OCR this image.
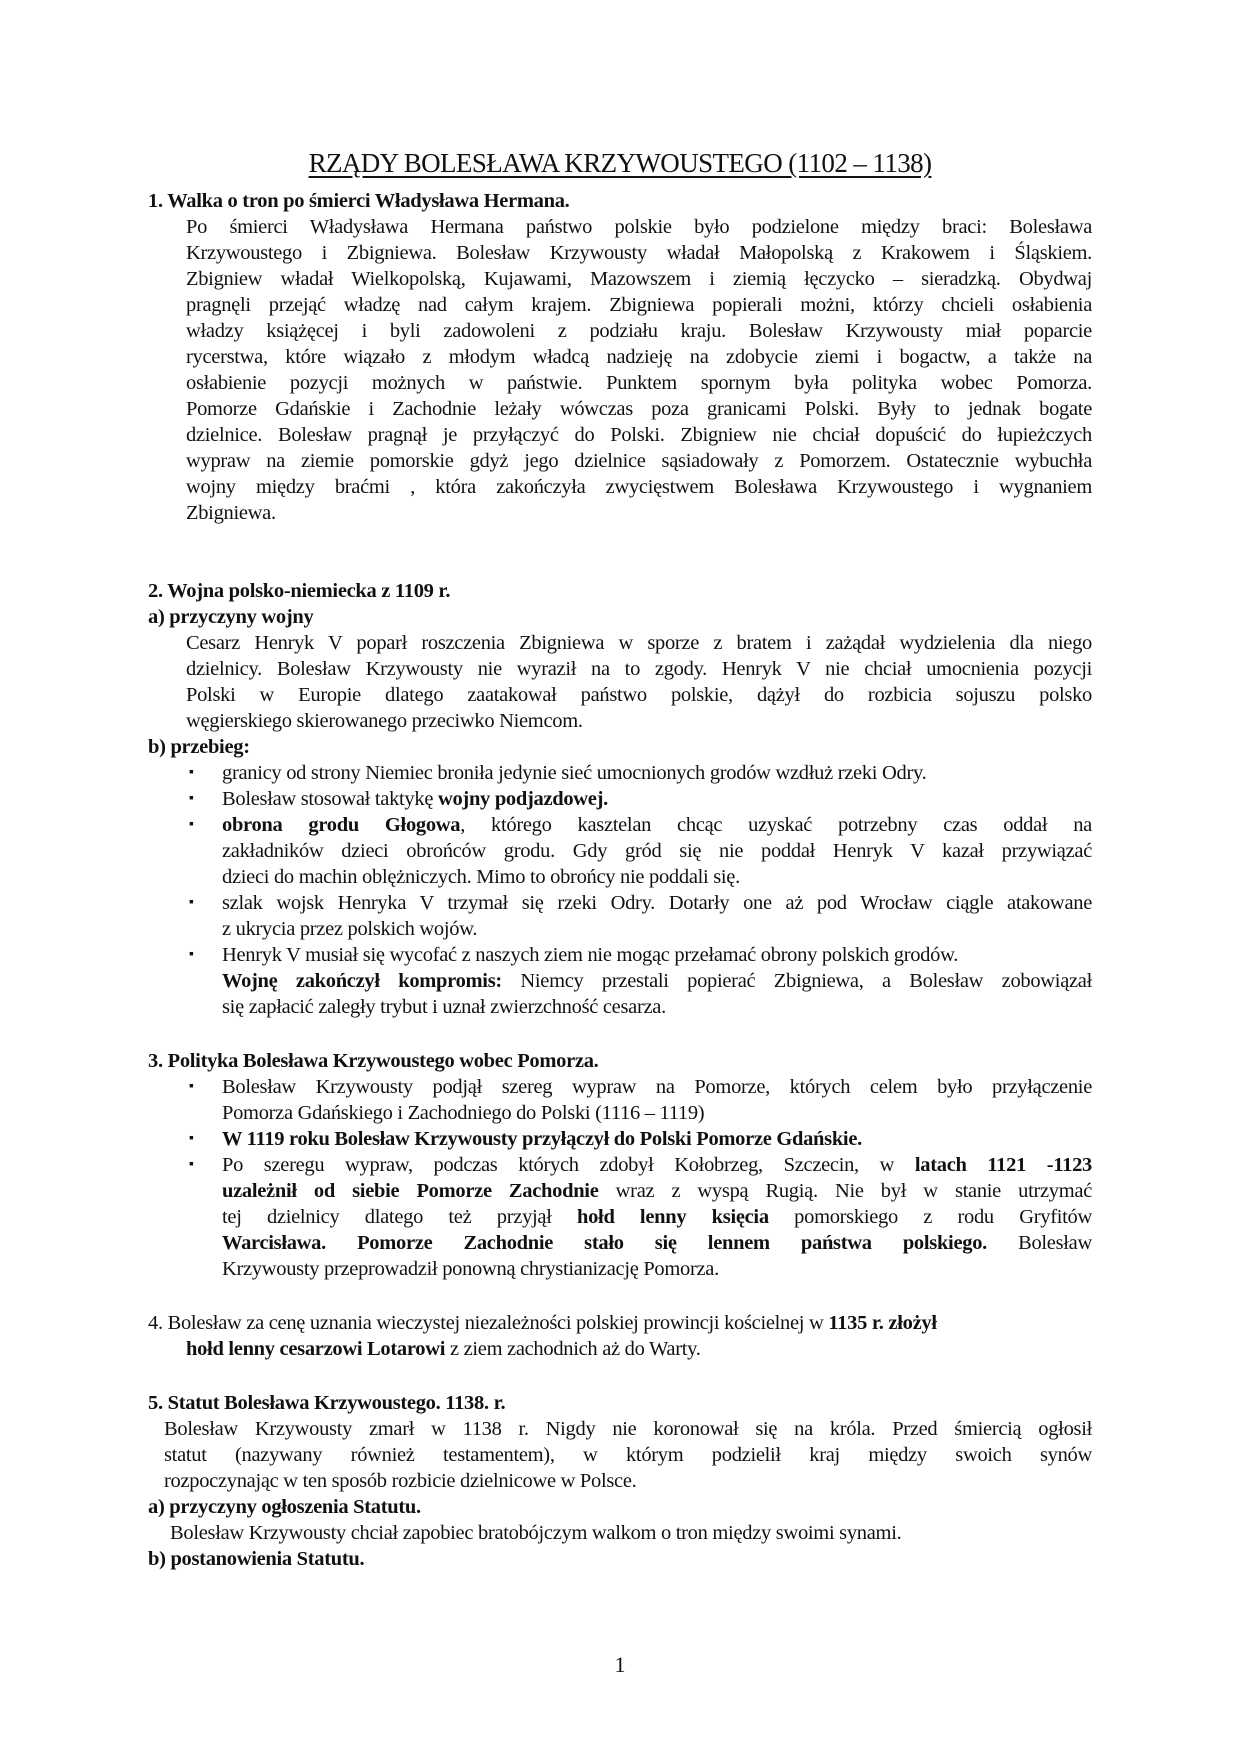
RZĄDY BOLESŁAWA KRZYWOUSTEGO (1102 – 1138)
1. Walka o tron po śmierci Władysława Hermana.
Po śmierci Władysława Hermana państwo polskie było podzielone między braci: Bolesława
Krzywoustego i Zbigniewa. Bolesław Krzywousty władał Małopolską z Krakowem i Śląskiem.
Zbigniew władał Wielkopolską, Kujawami, Mazowszem i ziemią łęczycko – sieradzką. Obydwaj
pragnęli przejąć władzę nad całym krajem. Zbigniewa popierali możni, którzy chcieli osłabienia
władzy książęcej i byli zadowoleni z podziału kraju. Bolesław Krzywousty miał poparcie
rycerstwa, które wiązało z młodym władcą nadzieję na zdobycie ziemi i bogactw, a także na
osłabienie pozycji możnych w państwie. Punktem spornym była polityka wobec Pomorza.
Pomorze Gdańskie i Zachodnie leżały wówczas poza granicami Polski. Były to jednak bogate
dzielnice. Bolesław pragnął je przyłączyć do Polski. Zbigniew nie chciał dopuścić do łupieżczych
wypraw na ziemie pomorskie gdyż jego dzielnice sąsiadowały z Pomorzem. Ostatecznie wybuchła
wojny między braćmi , która zakończyła zwycięstwem Bolesława Krzywoustego i wygnaniem
Zbigniewa.
2. Wojna polsko-niemiecka z 1109 r.
a) przyczyny wojny
Cesarz Henryk V poparł roszczenia Zbigniewa w sporze z bratem i zażądał wydzielenia dla niego
dzielnicy. Bolesław Krzywousty nie wyraził na to zgody. Henryk V nie chciał umocnienia pozycji
Polski w Europie dlatego zaatakował państwo polskie, dążył do rozbicia sojuszu polsko
węgierskiego skierowanego przeciwko Niemcom.
b) przebieg:
▪ granicy od strony Niemiec broniła jedynie sieć umocnionych grodów wzdłuż rzeki Odry.
▪ Bolesław stosował taktykę wojny podjazdowej.
▪ obrona grodu Głogowa, którego kasztelan chcąc uzyskać potrzebny czas oddał na
zakładników dzieci obrońców grodu. Gdy gród się nie poddał Henryk V kazał przywiązać
dzieci do machin oblężniczych. Mimo to obrońcy nie poddali się.
▪ szlak wojsk Henryka V trzymał się rzeki Odry. Dotarły one aż pod Wrocław ciągle atakowane
z ukrycia przez polskich wojów.
▪ Henryk V musiał się wycofać z naszych ziem nie mogąc przełamać obrony polskich grodów.
Wojnę zakończył kompromis: Niemcy przestali popierać Zbigniewa, a Bolesław zobowiązał
się zapłacić zaległy trybut i uznał zwierzchność cesarza.
3. Polityka Bolesława Krzywoustego wobec Pomorza.
▪ Bolesław Krzywousty podjął szereg wypraw na Pomorze, których celem było przyłączenie
Pomorza Gdańskiego i Zachodniego do Polski (1116 – 1119)
▪ W 1119 roku Bolesław Krzywousty przyłączył do Polski Pomorze Gdańskie.
▪ Po szeregu wypraw, podczas których zdobył Kołobrzeg, Szczecin, w latach 1121 -1123
uzależnił od siebie Pomorze Zachodnie wraz z wyspą Rugią. Nie był w stanie utrzymać
tej dzielnicy dlatego też przyjął hołd lenny księcia pomorskiego z rodu Gryfitów
Warcisława. Pomorze Zachodnie stało się lennem państwa polskiego. Bolesław
Krzywousty przeprowadził ponowną chrystianizację Pomorza.
4. Bolesław za cenę uznania wieczystej niezależności polskiej prowincji kościelnej w 1135 r. złożył
hołd lenny cesarzowi Lotarowi z ziem zachodnich aż do Warty.
5. Statut Bolesława Krzywoustego. 1138. r.
Bolesław Krzywousty zmarł w 1138 r. Nigdy nie koronował się na króla. Przed śmiercią ogłosił
statut (nazywany również testamentem), w którym podzielił kraj między swoich synów
rozpoczynając w ten sposób rozbicie dzielnicowe w Polsce.
a) przyczyny ogłoszenia Statutu.
Bolesław Krzywousty chciał zapobiec bratobójczym walkom o tron między swoimi synami.
b) postanowienia Statutu.
1
